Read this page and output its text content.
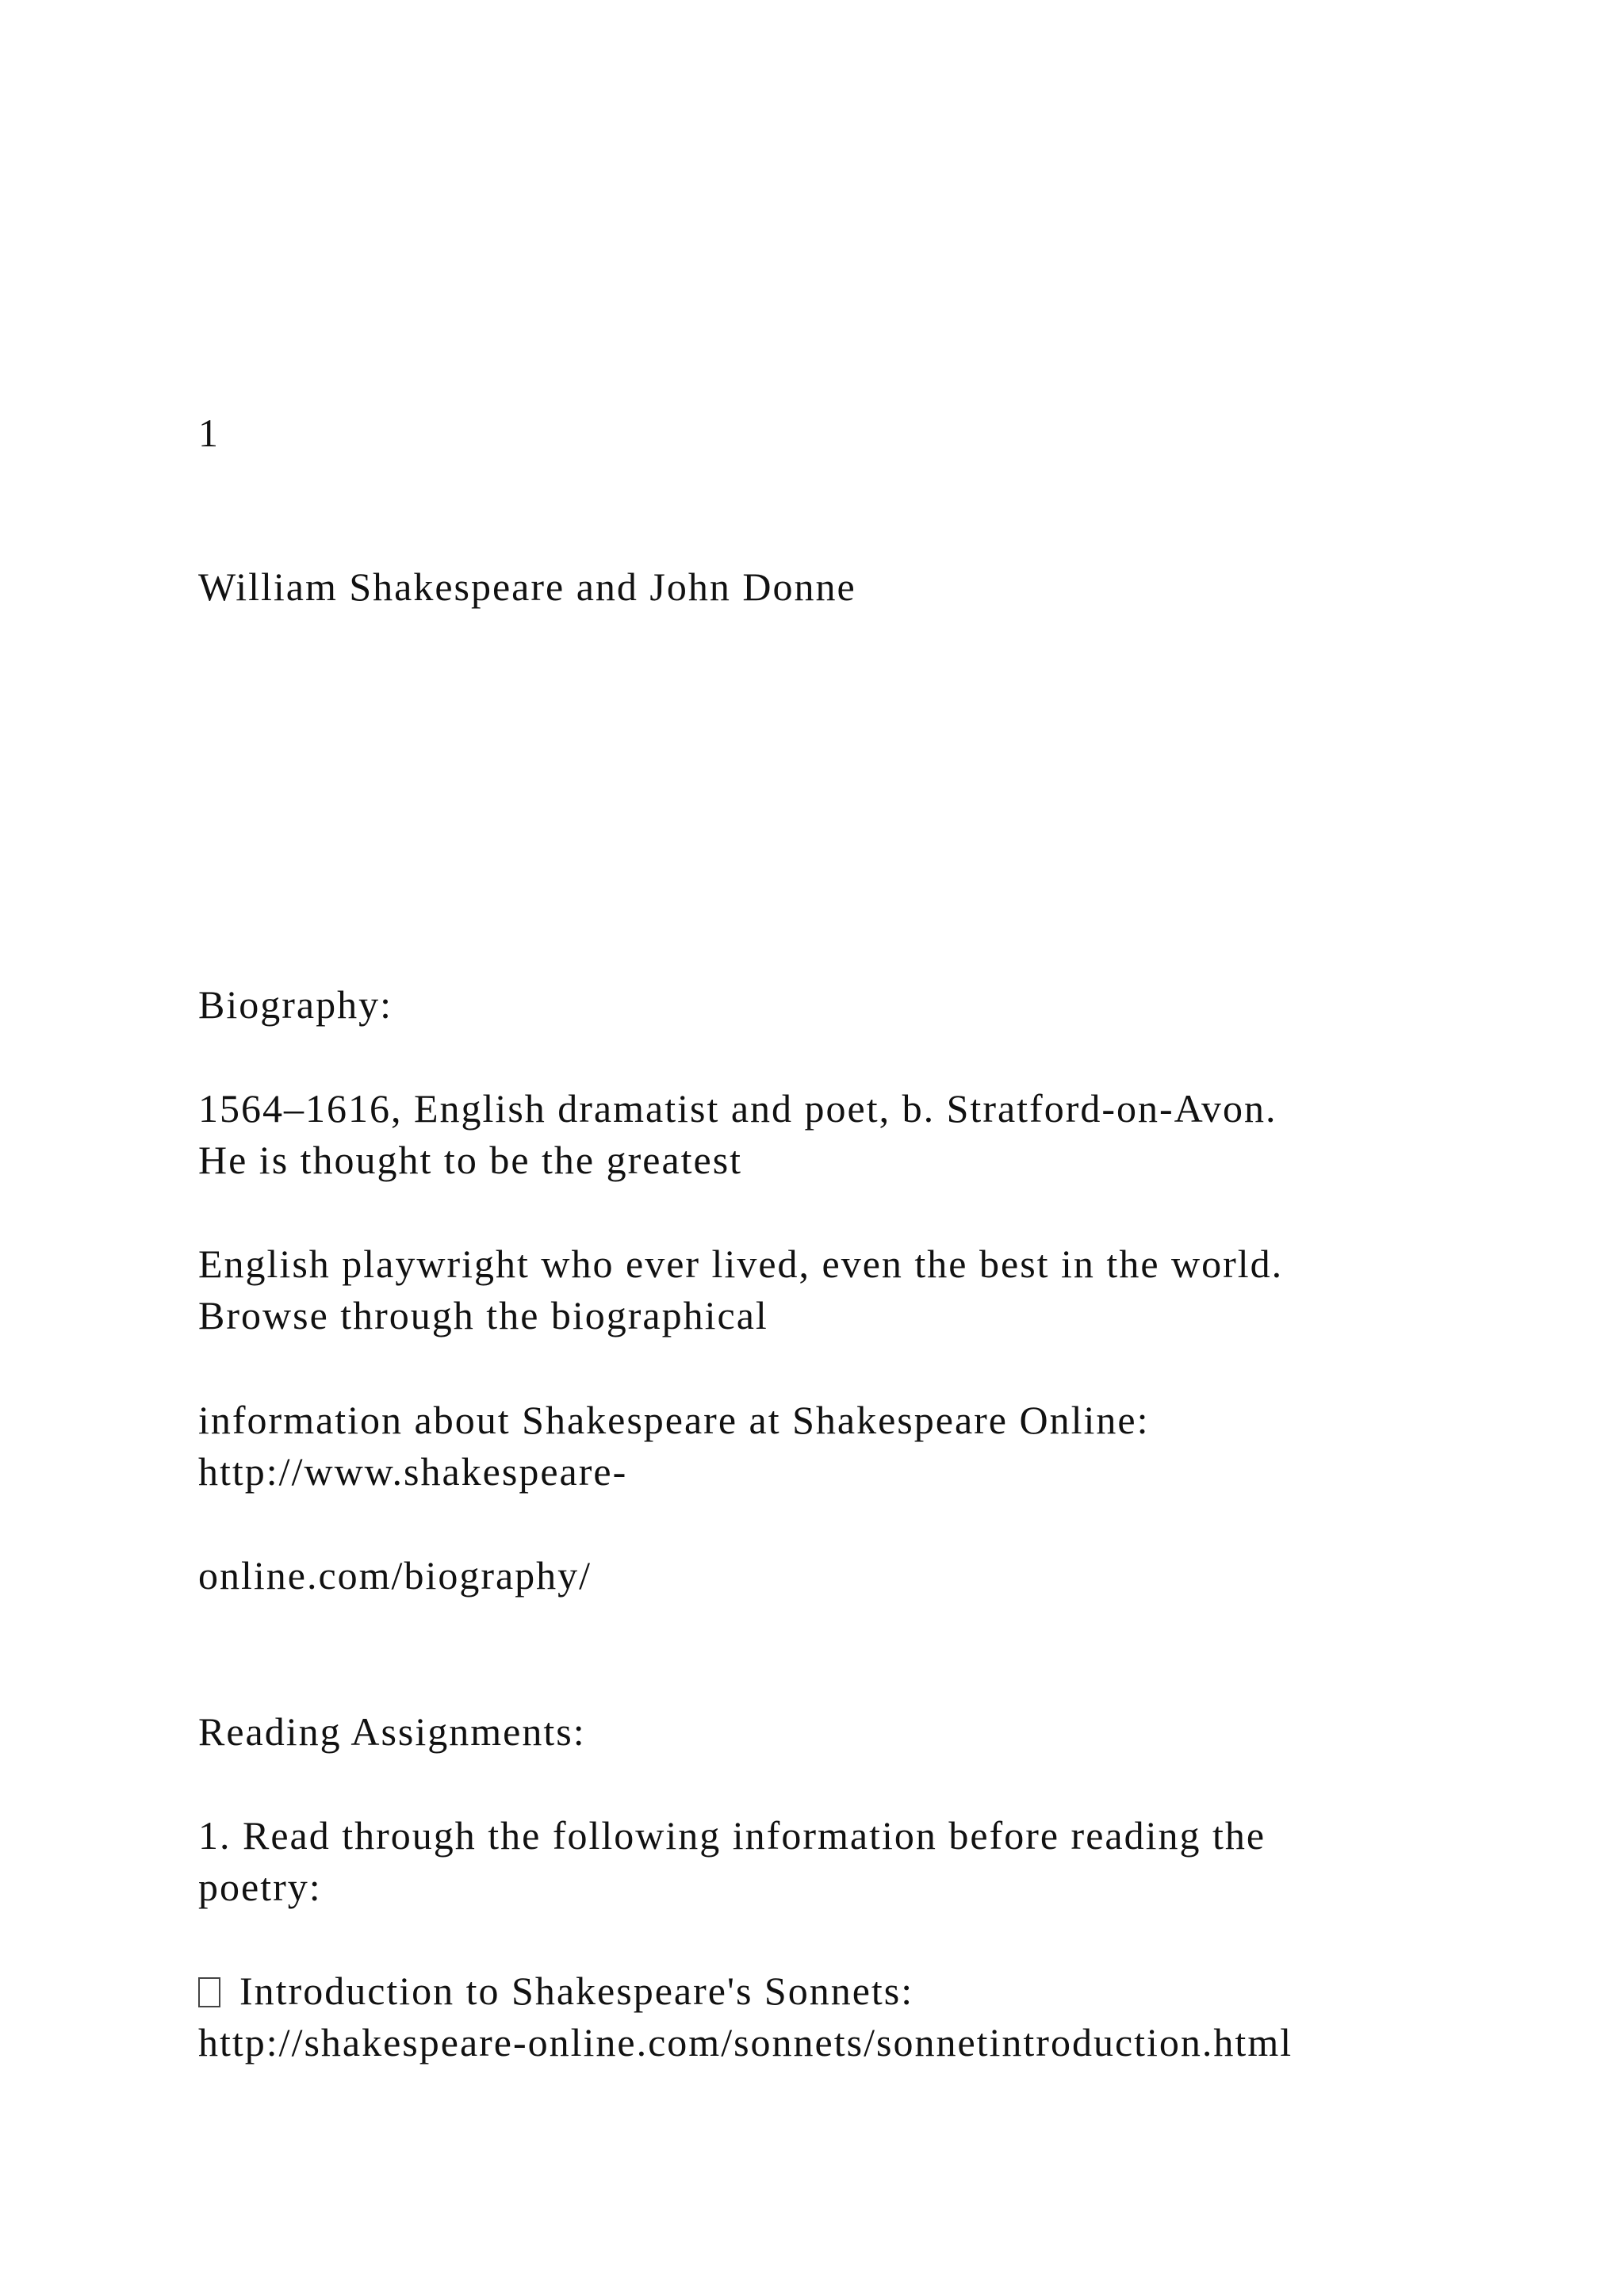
1

William Shakespeare and John Donne

Biography:

1564–1616, English dramatist and poet, b. Stratford-on-Avon.

He is thought to be the greatest

English playwright who ever lived, even the best in the world.

Browse through the biographical

information about Shakespeare at Shakespeare Online:

http://www.shakespeare-

online.com/biography/

Reading Assignments:

1. Read through the following information before reading the

poetry:

Introduction to Shakespeare's Sonnets:

http://shakespeare-online.com/sonnets/sonnetintroduction.html
